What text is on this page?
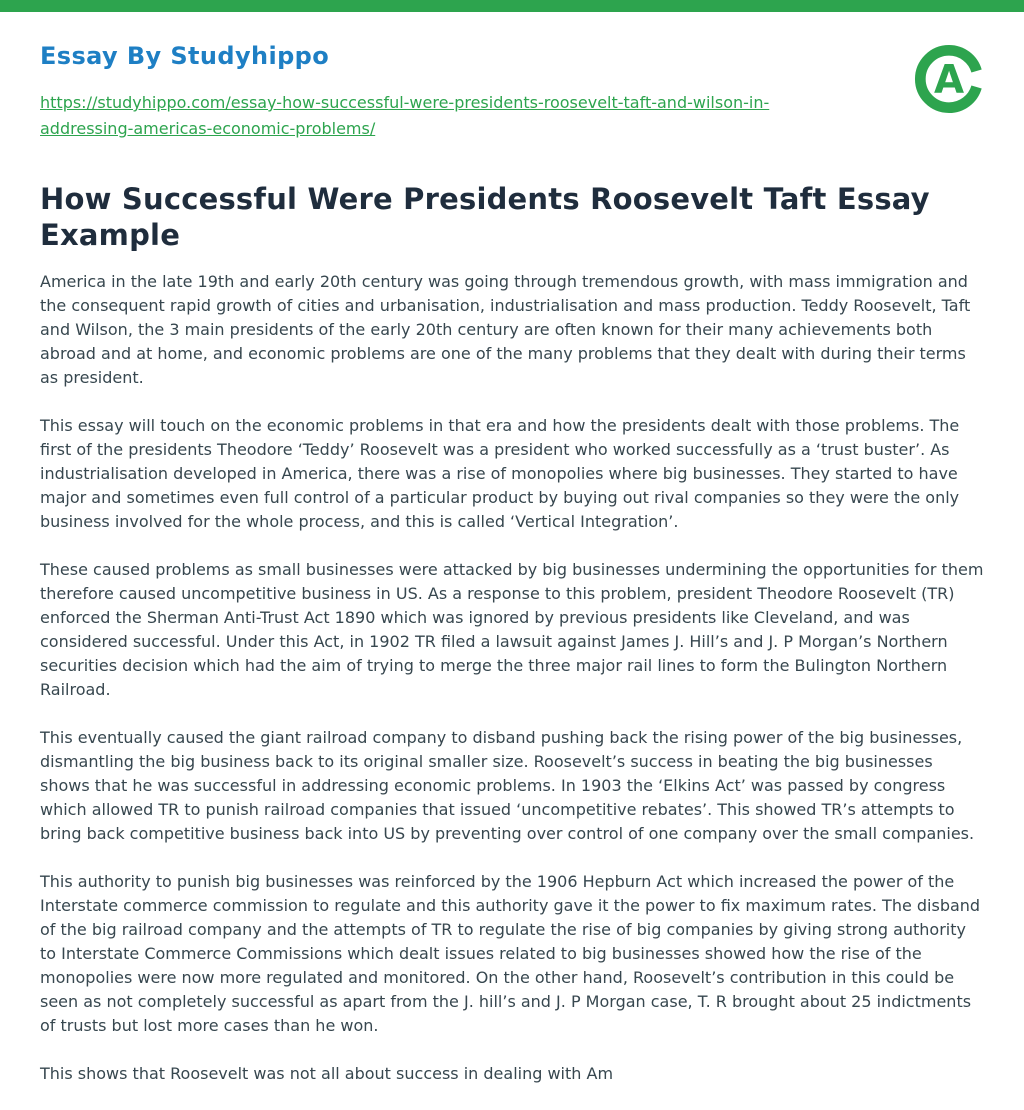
Essay By Studyhippo
https://studyhippo.com/essay-how-successful-were-presidents-roosevelt-taft-and-wilson-in-addressing-americas-economic-problems/
A
How Successful Were Presidents Roosevelt Taft Essay Example

America in the late 19th and early 20th century was going through tremendous growth, with mass immigration and the consequent rapid growth of cities and urbanisation, industrialisation and mass production. Teddy Roosevelt, Taft and Wilson, the 3 main presidents of the early 20th century are often known for their many achievements both abroad and at home, and economic problems are one of the many problems that they dealt with during their terms as president.

This essay will touch on the economic problems in that era and how the presidents dealt with those problems. The first of the presidents Theodore ‘Teddy’ Roosevelt was a president who worked successfully as a ‘trust buster’. As industrialisation developed in America, there was a rise of monopolies where big businesses. They started to have major and sometimes even full control of a particular product by buying out rival companies so they were the only business involved for the whole process, and this is called ‘Vertical Integration’.

These caused problems as small businesses were attacked by big businesses undermining the opportunities for them therefore caused uncompetitive business in US. As a response to this problem, president Theodore Roosevelt (TR) enforced the Sherman Anti-Trust Act 1890 which was ignored by previous presidents like Cleveland, and was considered successful. Under this Act, in 1902 TR filed a lawsuit against James J. Hill’s and J. P Morgan’s Northern securities decision which had the aim of trying to merge the three major rail lines to form the Bulington Northern Railroad.

This eventually caused the giant railroad company to disband pushing back the rising power of the big businesses, dismantling the big business back to its original smaller size. Roosevelt’s success in beating the big businesses shows that he was successful in addressing economic problems. In 1903 the ‘Elkins Act’ was passed by congress which allowed TR to punish railroad companies that issued ‘uncompetitive rebates’. This showed TR’s attempts to bring back competitive business back into US by preventing over control of one company over the small companies.

This authority to punish big businesses was reinforced by the 1906 Hepburn Act which increased the power of the Interstate commerce commission to regulate and this authority gave it the power to fix maximum rates. The disband of the big railroad company and the attempts of TR to regulate the rise of big companies by giving strong authority to Interstate Commerce Commissions which dealt issues related to big businesses showed how the rise of the monopolies were now more regulated and monitored. On the other hand, Roosevelt’s contribution in this could be seen as not completely successful as apart from the J. hill’s and J. P Morgan case, T. R brought about 25 indictments of trusts but lost more cases than he won.

This shows that Roosevelt was not all about success in dealing with Am
